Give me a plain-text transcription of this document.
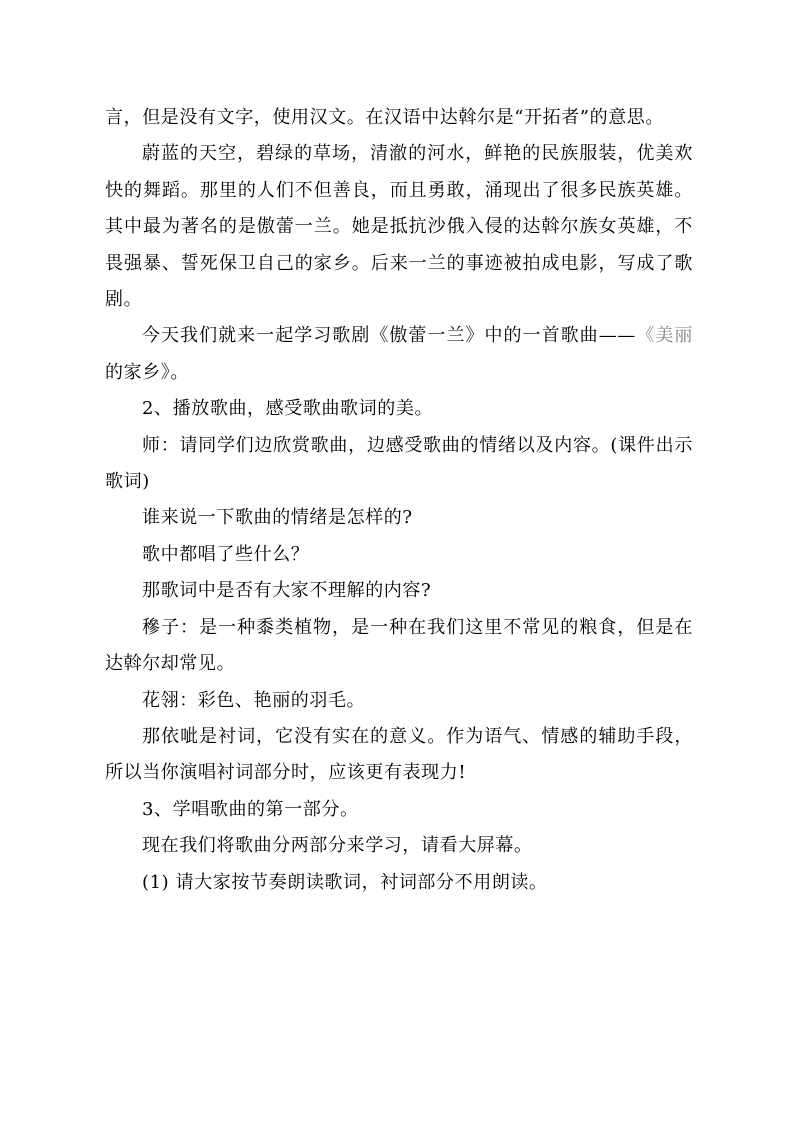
言，但是没有文字，使用汉文。在汉语中达斡尔是“开拓者”的意思。

蔚蓝的天空，碧绿的草场，清澈的河水，鲜艳的民族服装，优美欢快的舞蹈。那里的人们不但善良，而且勇敢，涌现出了很多民族英雄。其中最为著名的是傲蕾一兰。她是抵抗沙俄入侵的达斡尔族女英雄，不畏强暴、誓死保卫自己的家乡。后来一兰的事迹被拍成电影，写成了歌剧。

今天我们就来一起学习歌剧《傲蕾一兰》中的一首歌曲——《美丽的家乡》。

2、播放歌曲，感受歌曲歌词的美。

师：请同学们边欣赏歌曲，边感受歌曲的情绪以及内容。(课件出示歌词)

谁来说一下歌曲的情绪是怎样的?

歌中都唱了些什么？

那歌词中是否有大家不理解的内容?

穇子：是一种黍类植物，是一种在我们这里不常见的粮食，但是在达斡尔却常见。

花翎：彩色、艳丽的羽毛。

那依呲是衬词，它没有实在的意义。作为语气、情感的辅助手段，所以当你演唱衬词部分时，应该更有表现力!

3、学唱歌曲的第一部分。

现在我们将歌曲分两部分来学习，请看大屏幕。

(1) 请大家按节奏朗读歌词，衬词部分不用朗读。
